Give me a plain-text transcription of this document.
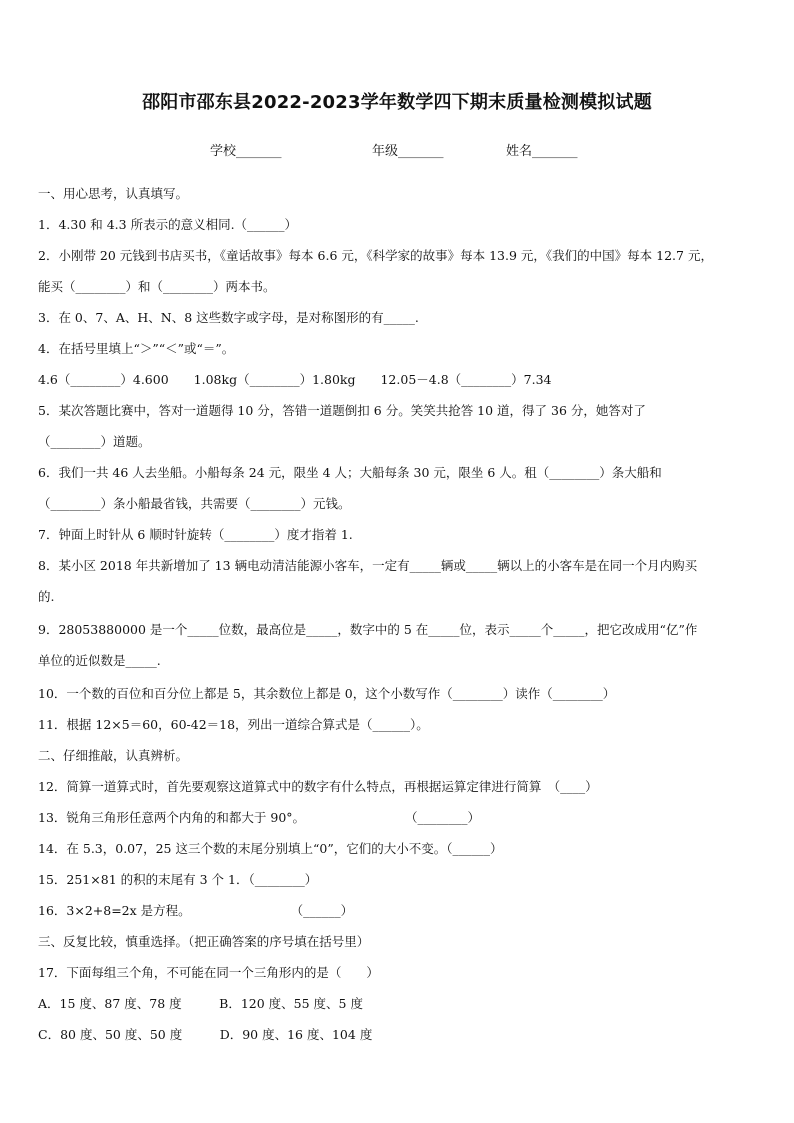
邵阳市邵东县2022-2023学年数学四下期末质量检测模拟试题
学校_______	年级_______	姓名_______
一、用心思考，认真填写。
1．4.30 和 4.3 所表示的意义相同.（______）
2．小刚带 20 元钱到书店买书，《童话故事》每本 6.6 元，《科学家的故事》每本 13.9 元，《我们的中国》每本 12.7 元，
能买（________）和（________）两本书。
3．在 0、7、A、H、N、8 这些数字或字母，是对称图形的有_____.
4．在括号里填上“＞”“＜”或“＝”。
4.6（________）4.600　　1.08kg（________）1.80kg　　12.05－4.8（________）7.34
5．某次答题比赛中，答对一道题得 10 分，答错一道题倒扣 6 分。笑笑共抢答 10 道，得了 36 分，她答对了
（________）道题。
6．我们一共 46 人去坐船。小船每条 24 元，限坐 4 人；大船每条 30 元，限坐 6 人。租（________）条大船和
（________）条小船最省钱，共需要（________）元钱。
7．钟面上时针从 6 顺时针旋转（________）度才指着 1.
8．某小区 2018 年共新增加了 13 辆电动清洁能源小客车，一定有_____辆或_____辆以上的小客车是在同一个月内购买
的.
9．28053880000 是一个_____位数，最高位是_____，数字中的 5 在_____位，表示_____个_____，把它改成用“亿”作
单位的近似数是_____.
10．一个数的百位和百分位上都是 5，其余数位上都是 0，这个小数写作（________）读作（________）
11．根据 12×5＝60，60-42＝18，列出一道综合算式是（______）。
二、仔细推敲，认真辨析。
12．简算一道算式时，首先要观察这道算式中的数字有什么特点，再根据运算定律进行简算　（____）
13．锐角三角形任意两个内角的和都大于 90°。　　　　　　　　　（________）
14．在 5.3，0.07，25 这三个数的末尾分别填上“0”，它们的大小不变。（______）
15．251×81 的积的末尾有 3 个 1．（________）
16．3×2+8=2x 是方程。　　　　　　　　　（______）
三、反复比较，慎重选择。（把正确答案的序号填在括号里）
17．下面每组三个角，不可能在同一个三角形内的是（　　）
A．15 度、87 度、78 度　　　B．120 度、55 度、5 度
C．80 度、50 度、50 度　　　D．90 度、16 度、104 度
